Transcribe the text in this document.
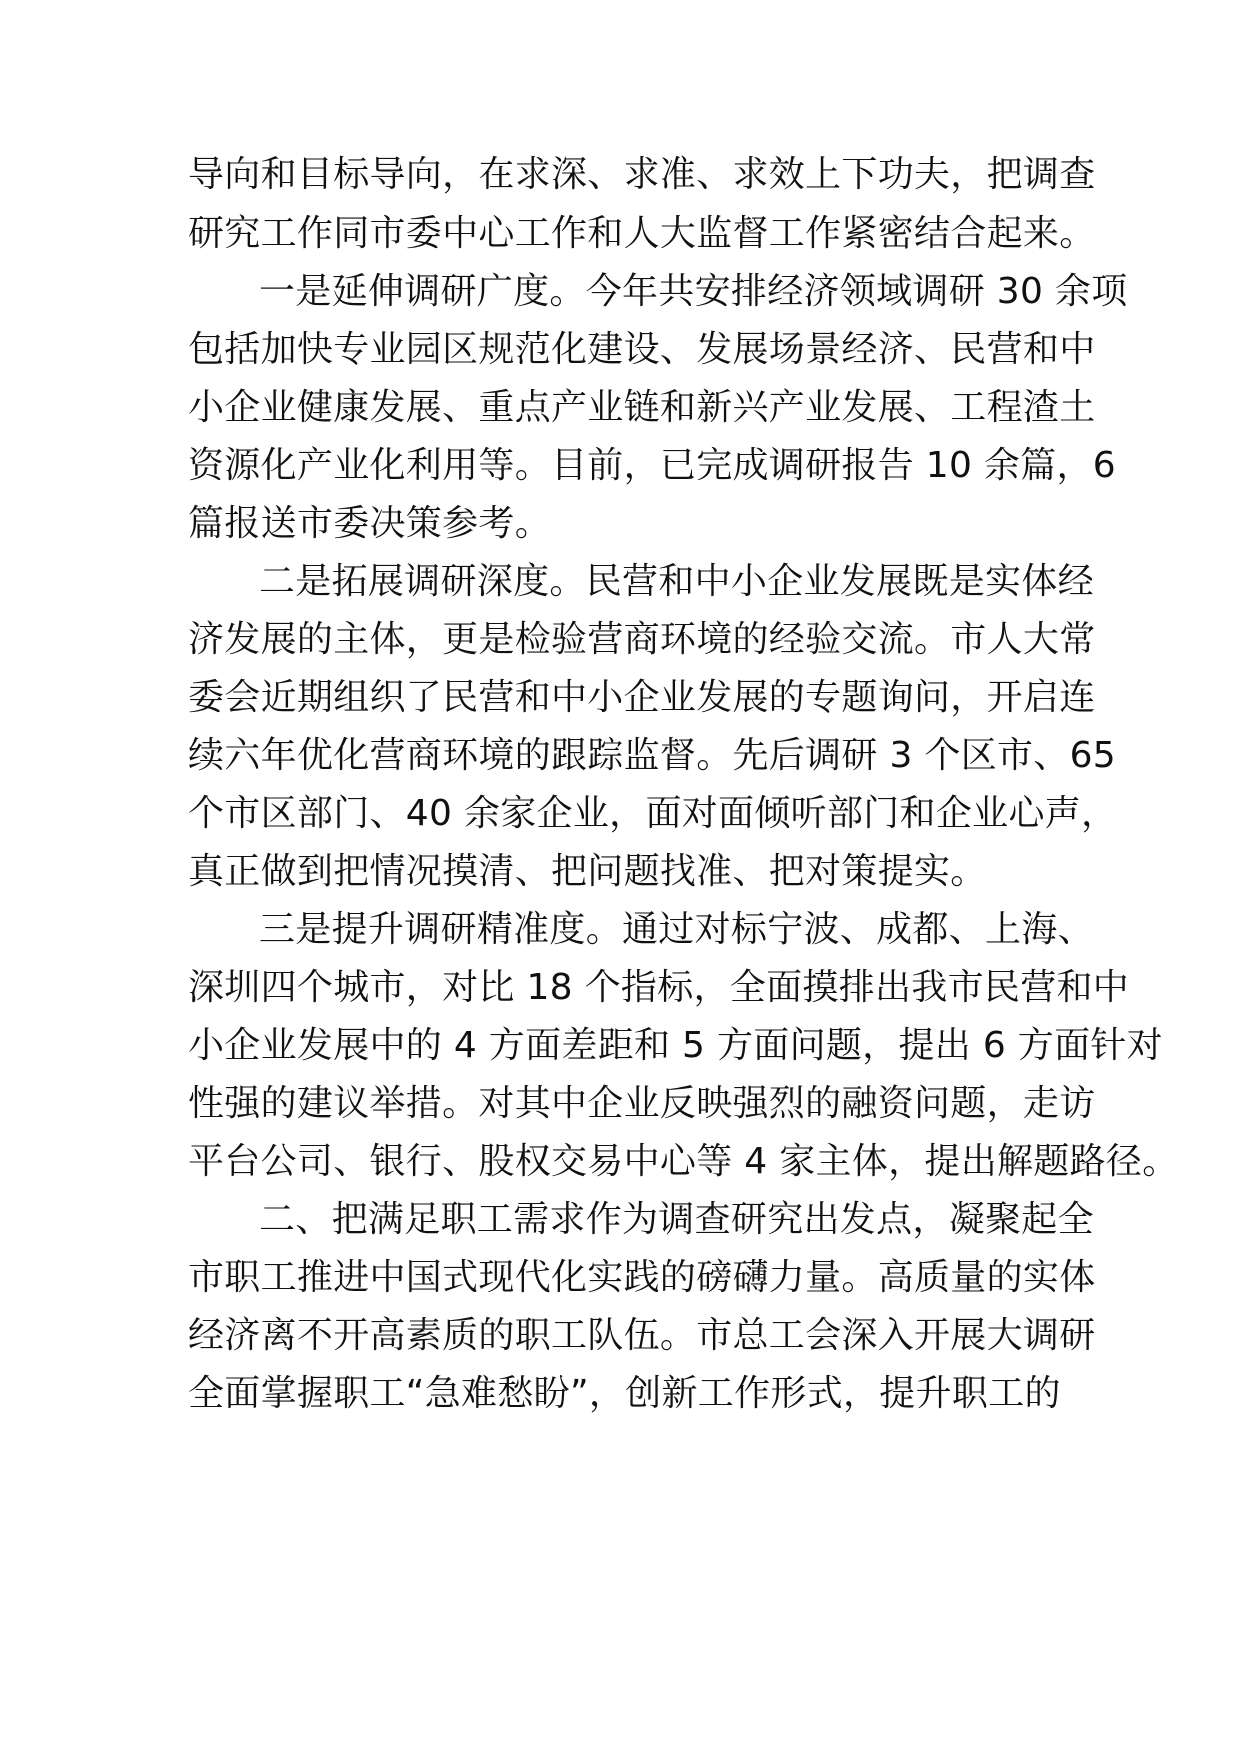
导向和目标导向，在求深、求准、求效上下功夫，把调查
研究工作同市委中心工作和人大监督工作紧密结合起来。
一是延伸调研广度。今年共安排经济领域调研 30 余项
包括加快专业园区规范化建设、发展场景经济、民营和中
小企业健康发展、重点产业链和新兴产业发展、工程渣土
资源化产业化利用等。目前，已完成调研报告 10 余篇，6
篇报送市委决策参考。
二是拓展调研深度。民营和中小企业发展既是实体经
济发展的主体，更是检验营商环境的经验交流。市人大常
委会近期组织了民营和中小企业发展的专题询问，开启连
续六年优化营商环境的跟踪监督。先后调研 3 个区市、65
个市区部门、40 余家企业，面对面倾听部门和企业心声，
真正做到把情况摸清、把问题找准、把对策提实。
三是提升调研精准度。通过对标宁波、成都、上海、
深圳四个城市，对比 18 个指标，全面摸排出我市民营和中
小企业发展中的 4 方面差距和 5 方面问题，提出 6 方面针对
性强的建议举措。对其中企业反映强烈的融资问题，走访
平台公司、银行、股权交易中心等 4 家主体，提出解题路径。
二、把满足职工需求作为调查研究出发点，凝聚起全
市职工推进中国式现代化实践的磅礴力量。高质量的实体
经济离不开高素质的职工队伍。市总工会深入开展大调研
全面掌握职工“急难愁盼”，创新工作形式，提升职工的
